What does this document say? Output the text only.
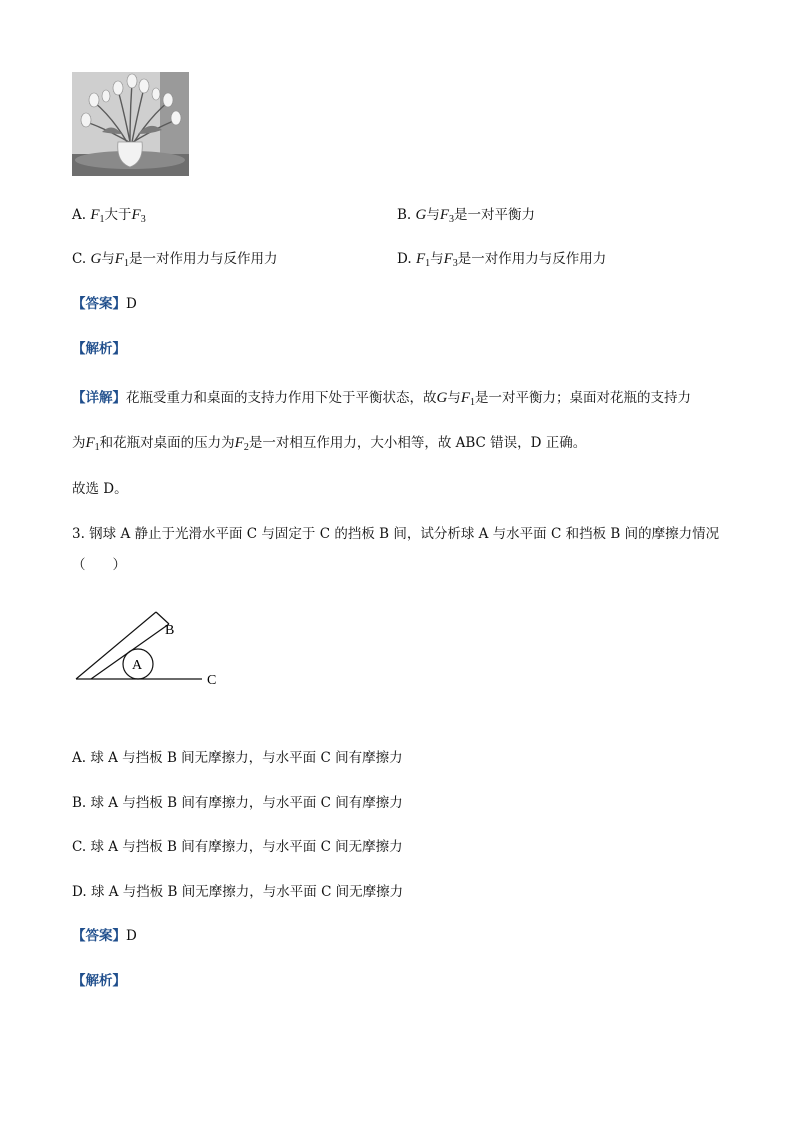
A. $F_1$大于$F_3$	B. G与$F_3$是一对平衡力
C. G与$F_1$是一对作用力与反作用力	D. $F_1$与$F_3$是一对作用力与反作用力
【答案】D
【解析】
【详解】花瓶受重力和桌面的支持力作用下处于平衡状态，故G与$F_1$是一对平衡力；桌面对花瓶的支持力
为$F_1$和花瓶对桌面的压力为$F_2$是一对相互作用力，大小相等，故 ABC 错误，D 正确。
故选 D。
3. 钢球 A 静止于光滑水平面 C 与固定于 C 的挡板 B 间，试分析球 A 与水平面 C 和挡板 B 间的摩擦力情况
（　　）
A
B
C
A. 球 A 与挡板 B 间无摩擦力，与水平面 C 间有摩擦力
B. 球 A 与挡板 B 间有摩擦力，与水平面 C 间有摩擦力
C. 球 A 与挡板 B 间有摩擦力，与水平面 C 间无摩擦力
D. 球 A 与挡板 B 间无摩擦力，与水平面 C 间无摩擦力
【答案】D
【解析】
